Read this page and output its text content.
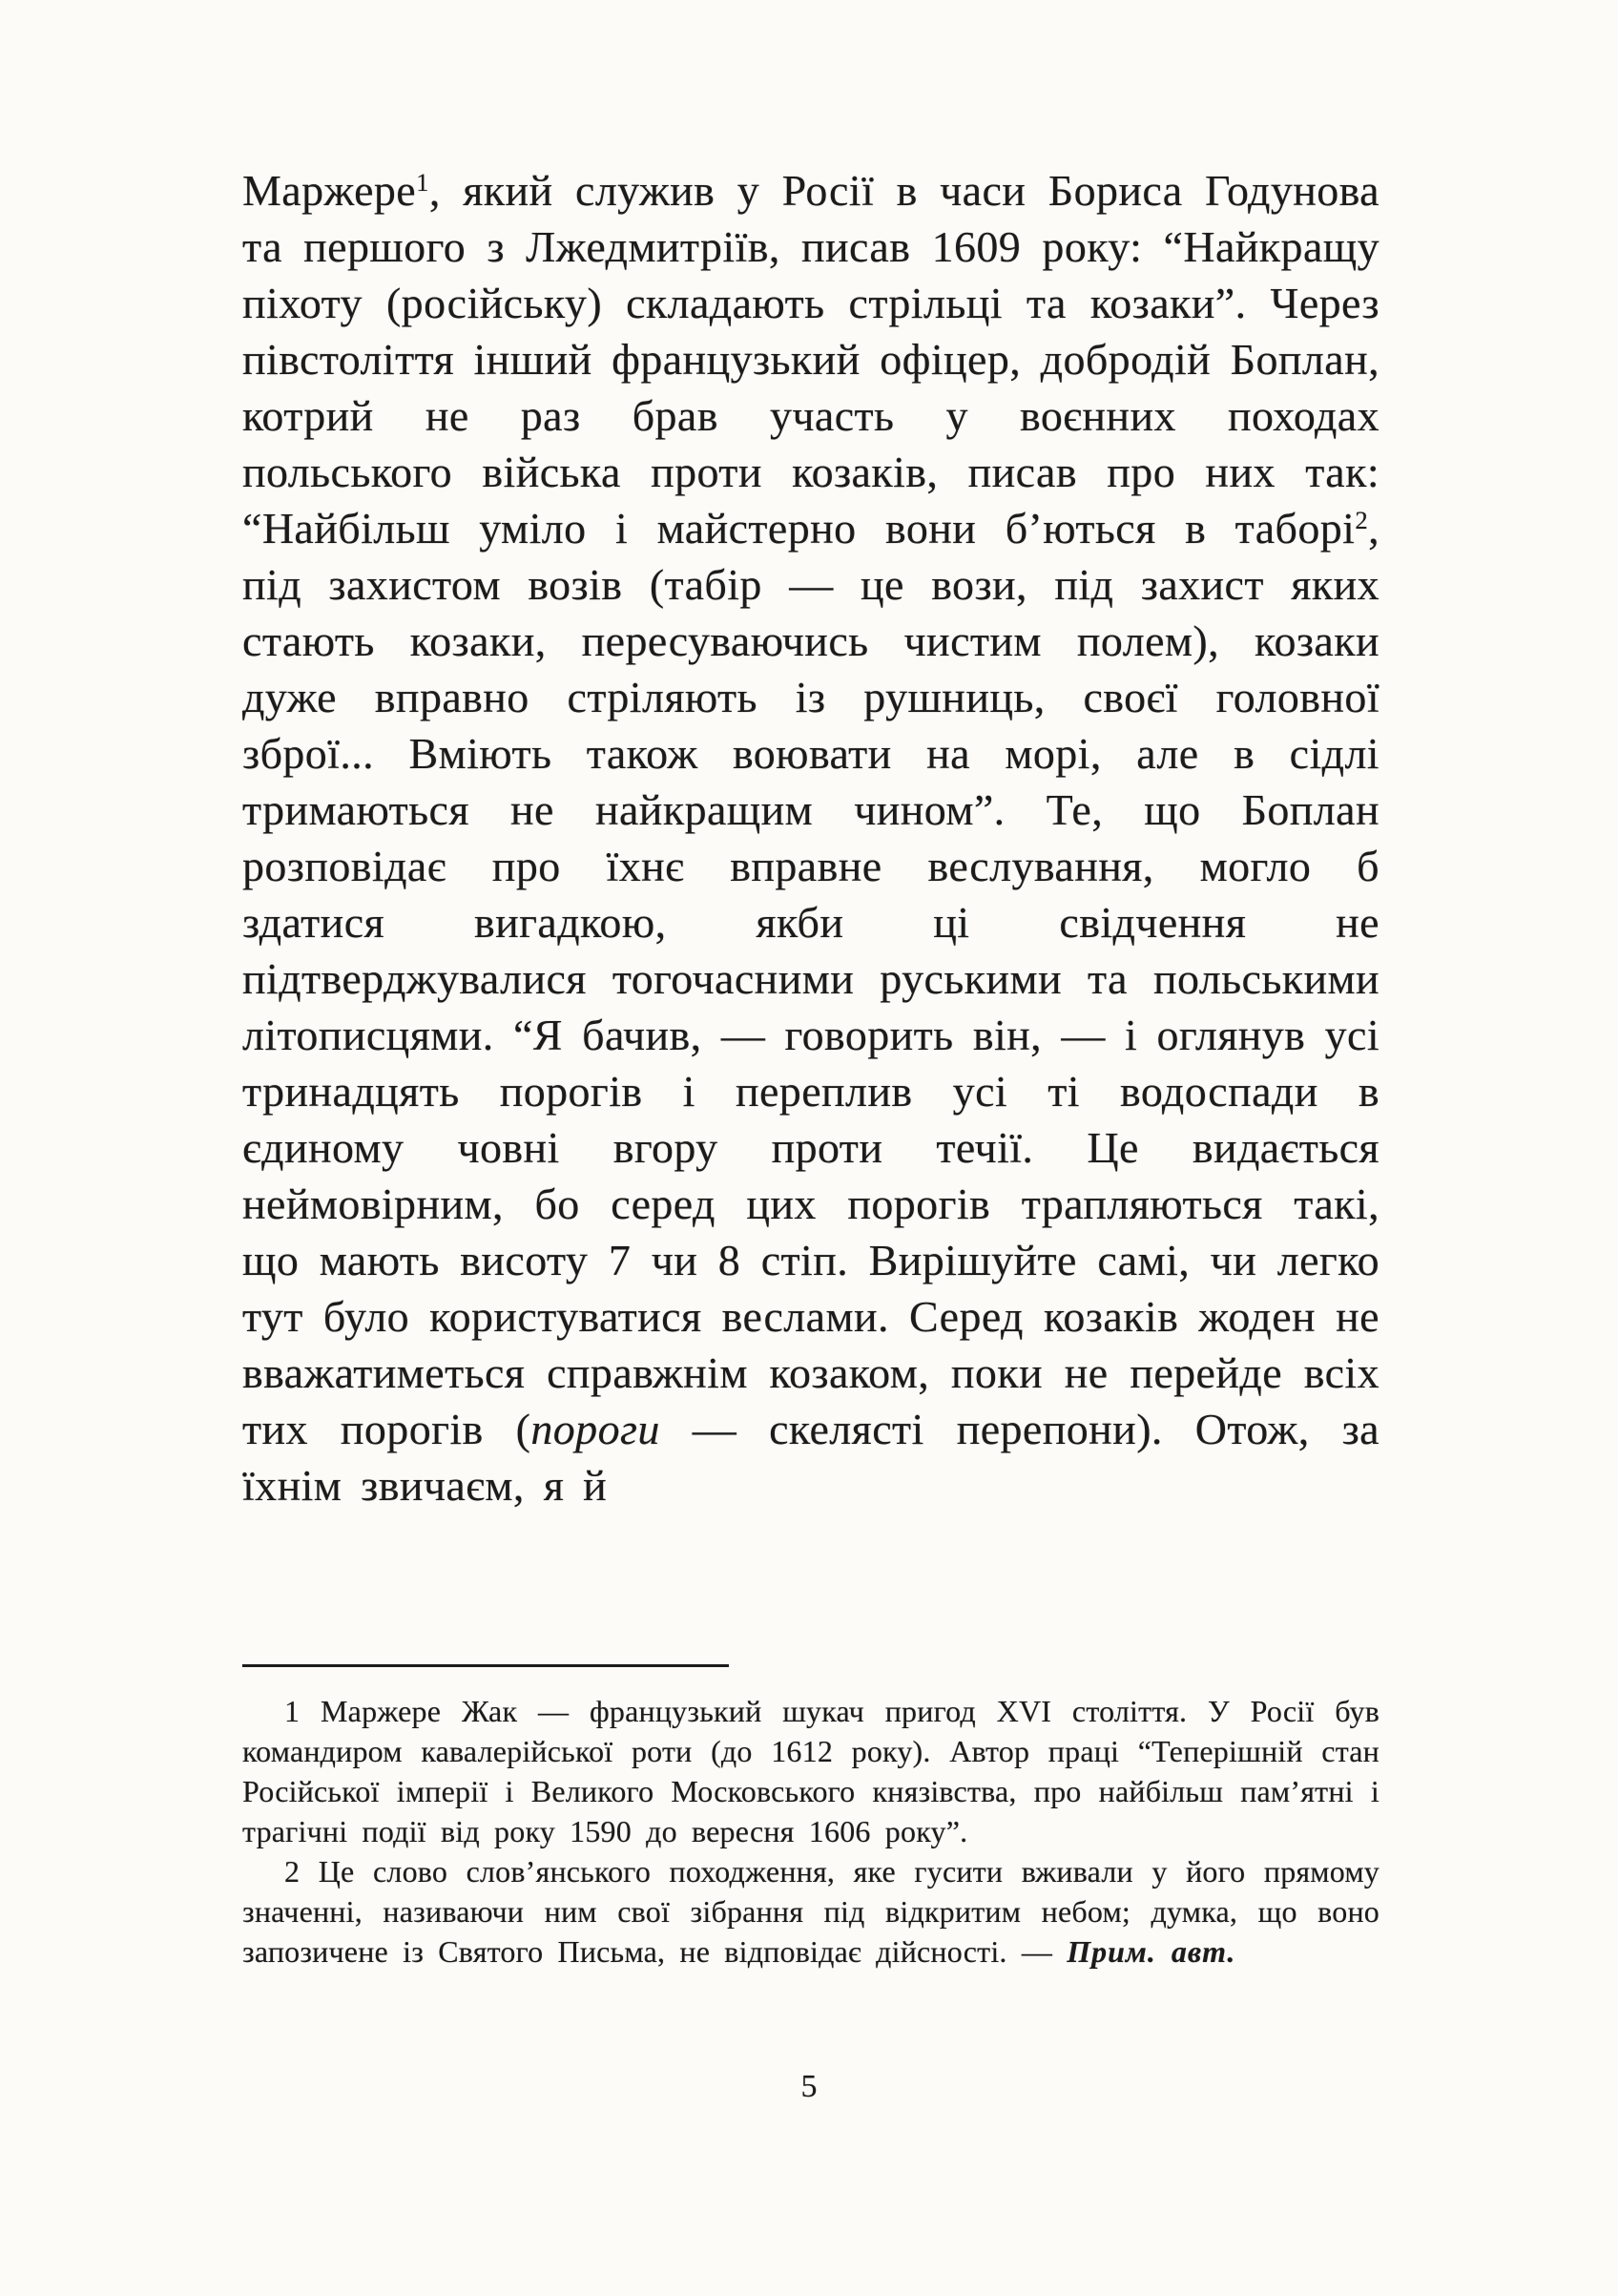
Маржере$^1$, який служив у Росії в часи Бориса Годунова та першого з Лжедмитріїв, писав 1609 року: “Найкращу піхоту (російську) складають стрільці та козаки”. Через півстоліття інший французький офіцер, добродій Боплан, котрий не раз брав участь у воєнних походах польського війська проти козаків, писав про них так: “Найбільш уміло і майстерно вони б’ються в таборі$^2$, під захистом возів (табір — це вози, під захист яких стають козаки, пересуваючись чистим полем), козаки дуже вправно стріляють із рушниць, своєї головної зброї... Вміють також воювати на морі, але в сідлі тримаються не найкращим чином”. Те, що Боплан розповідає про їхнє вправне веслування, могло б здатися вигадкою, якби ці свідчення не підтверджувалися тогочасними руськими та польськими літописцями. “Я бачив, — говорить він, — і оглянув усі тринадцять порогів і переплив усі ті водоспади в єдиному човні вгору проти течії. Це видається неймовірним, бо серед цих порогів трапляються такі, що мають висоту 7 чи 8 стіп. Вирішуйте самі, чи легко тут було користуватися веслами. Серед козаків жоден не вважатиметься справжнім козаком, поки не перейде всіх тих порогів (пороги — скелясті перепони). Отож, за їхнім звичаєм, я й

1 Маржере Жак — французький шукач пригод XVI століття. У Росії був командиром кавалерійської роти (до 1612 року). Автор праці “Теперішній стан Російської імперії і Великого Московського князівства, про найбільш пам’ятні і трагічні події від року 1590 до вересня 1606 року”.

2 Це слово слов’янського походження, яке гусити вживали у його прямому значенні, називаючи ним свої зібрання під відкритим небом; думка, що воно запозичене із Святого Письма, не відповідає дійсності. — Прим. авт.

5
